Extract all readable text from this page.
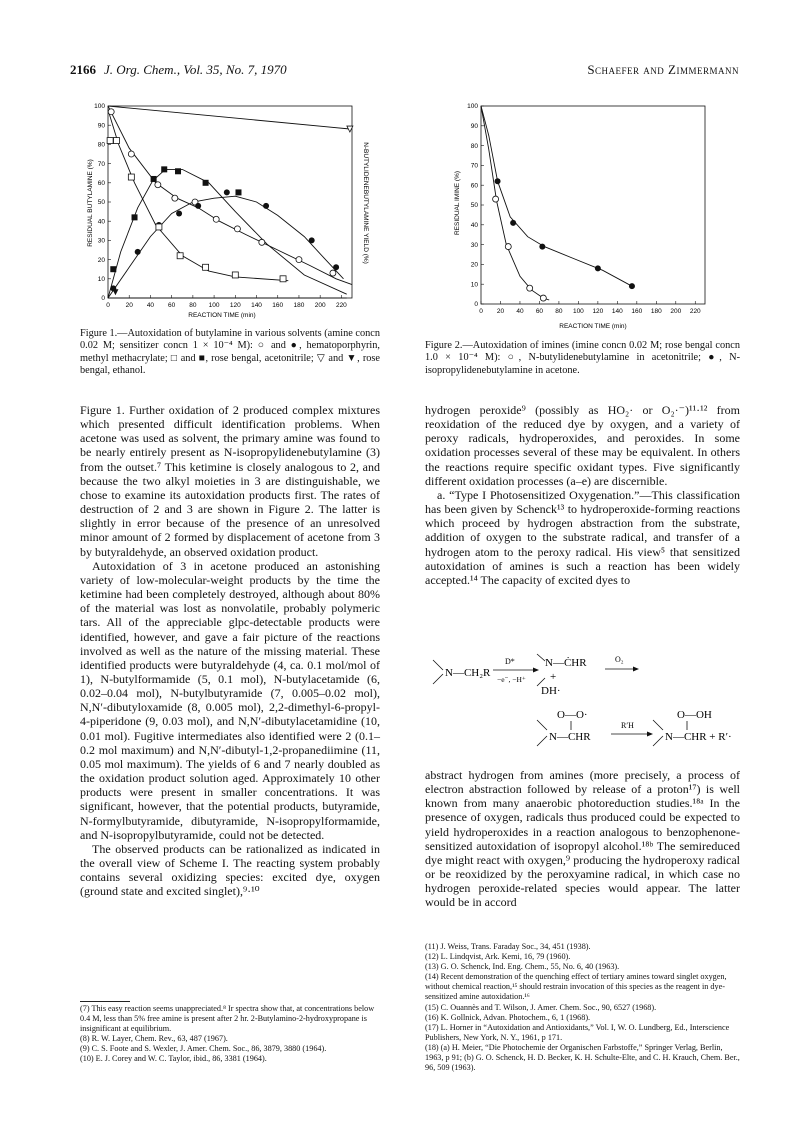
2166 J. Org. Chem., Vol. 35, No. 7, 1970	Schaefer and Zimmermann
0 20 40 60 80 100 120 140 160 180 200 220
0
10
20
30
40
50
60
70
80
90
100
RESIDUAL BUTYLAMINE (%)	N-BUTYLIDENEBUTYLAMINE YIELD (%)
REACTION TIME (min)
Figure 1.—Autoxidation of butylamine in various solvents (amine concn 0.02 M; sensitizer concn 1 × 10⁻⁴ M): ○ and ●, hematoporphyrin, methyl methacrylate; □ and ■, rose bengal, acetonitrile; ▽ and ▼, rose bengal, ethanol.
0 20 40 60 80 100 120 140 160 180 200 220
0
10
20
30
40
50
60
70
80
90
100
RESIDUAL IMINE (%)
REACTION TIME (min)
Figure 2.—Autoxidation of imines (imine concn 0.02 M; rose bengal concn 1.0 × 10⁻⁴ M): ○, N-butylidenebutylamine in acetonitrile; ●, N-isopropylidenebutylamine in acetone.

Figure 1. Further oxidation of 2 produced complex mixtures which presented difficult identification problems. When acetone was used as solvent, the primary amine was found to be nearly entirely present as N-isopropylidenebutylamine (3) from the outset.⁷ This ketimine is closely analogous to 2, and because the two alkyl moieties in 3 are distinguishable, we chose to examine its autoxidation products first. The rates of destruction of 2 and 3 are shown in Figure 2. The latter is slightly in error because of the presence of an unresolved minor amount of 2 formed by displacement of acetone from 3 by butyraldehyde, an observed oxidation product.

Autoxidation of 3 in acetone produced an astonishing variety of low-molecular-weight products by the time the ketimine had been completely destroyed, although about 80% of the material was lost as nonvolatile, probably polymeric tars. All of the appreciable glpc-detectable products were identified, however, and gave a fair picture of the reactions involved as well as the nature of the missing material. These identified products were butyraldehyde (4, ca. 0.1 mol/mol of 1), N-butylformamide (5, 0.1 mol), N-butylacetamide (6, 0.02–0.04 mol), N-butylbutyramide (7, 0.005–0.02 mol), N,N′-dibutyloxamide (8, 0.005 mol), 2,2-dimethyl-6-propyl-4-piperidone (9, 0.03 mol), and N,N′-dibutylacetamidine (10, 0.01 mol). Fugitive intermediates also identified were 2 (0.1–0.2 mol maximum) and N,N′-dibutyl-1,2-propanediimine (11, 0.05 mol maximum). The yields of 6 and 7 nearly doubled as the oxidation product solution aged. Approximately 10 other products were present in smaller concentrations. It was significant, however, that the potential products, butyramide, N-formylbutyramide, dibutyramide, N-isopropylformamide, and N-isopropylbutyramide, could not be detected.

The observed products can be rationalized as indicated in the overall view of Scheme I. The reacting system probably contains several oxidizing species: excited dye, oxygen (ground state and excited singlet),⁹·¹⁰

(7) This easy reaction seems unappreciated.⁸ Ir spectra show that, at concentrations below 0.4 M, less than 5% free amine is present after 2 hr. 2-Butylamino-2-hydroxypropane is insignificant at equilibrium.

(8) R. W. Layer, Chem. Rev., 63, 487 (1967).

(9) C. S. Foote and S. Wexler, J. Amer. Chem. Soc., 86, 3879, 3880 (1964).

(10) E. J. Corey and W. C. Taylor, ibid., 86, 3381 (1964).

hydrogen peroxide⁹ (possibly as HO₂· or O₂·⁻)¹¹·¹² from reoxidation of the reduced dye by oxygen, and a variety of peroxy radicals, hydroperoxides, and peroxides. In some oxidation processes several of these may be equivalent. In others the reactions require specific oxidant types. Five significantly different oxidation processes (a–e) are discernible.

a. “Type I Photosensitized Oxygenation.”—This classification has been given by Schenck¹³ to hydroperoxide-forming reactions which proceed by hydrogen abstraction from the substrate, addition of oxygen to the substrate radical, and transfer of a hydrogen atom to the peroxy radical. His view⁵ that sensitized autoxidation of amines is such a reaction has been widely accepted.¹⁴ The capacity of excited dyes to

N—CH₂R
D*
−e⁻, −H⁺
N—ĊHR
+
DH·
O₂
O—O·
N—CHR
R′H
O—OH
N—CHR + R′·

abstract hydrogen from amines (more precisely, a process of electron abstraction followed by release of a proton¹⁷) is well known from many anaerobic photoreduction studies.¹⁸ᵃ In the presence of oxygen, radicals thus produced could be expected to yield hydroperoxides in a reaction analogous to benzophenone-sensitized autoxidation of isopropyl alcohol.¹⁸ᵇ The semireduced dye might react with oxygen,⁹ producing the hydroperoxy radical or be reoxidized by the peroxyamine radical, in which case no hydrogen peroxide-related species would appear. The latter would be in accord

(11) J. Weiss, Trans. Faraday Soc., 34, 451 (1938).

(12) L. Lindqvist, Ark. Kemi, 16, 79 (1960).

(13) G. O. Schenck, Ind. Eng. Chem., 55, No. 6, 40 (1963).

(14) Recent demonstration of the quenching effect of tertiary amines toward singlet oxygen, without chemical reaction,¹⁵ should restrain invocation of this species as the reagent in dye-sensitized amine autoxidation.¹⁶

(15) C. Ouannès and T. Wilson, J. Amer. Chem. Soc., 90, 6527 (1968).

(16) K. Gollnick, Advan. Photochem., 6, 1 (1968).

(17) L. Horner in “Autoxidation and Antioxidants,” Vol. I, W. O. Lundberg, Ed., Interscience Publishers, New York, N. Y., 1961, p 171.

(18) (a) H. Meier, “Die Photochemie der Organischen Farbstoffe,” Springer Verlag, Berlin, 1963, p 91; (b) G. O. Schenck, H. D. Becker, K. H. Schulte-Elte, and C. H. Krauch, Chem. Ber., 96, 509 (1963).
